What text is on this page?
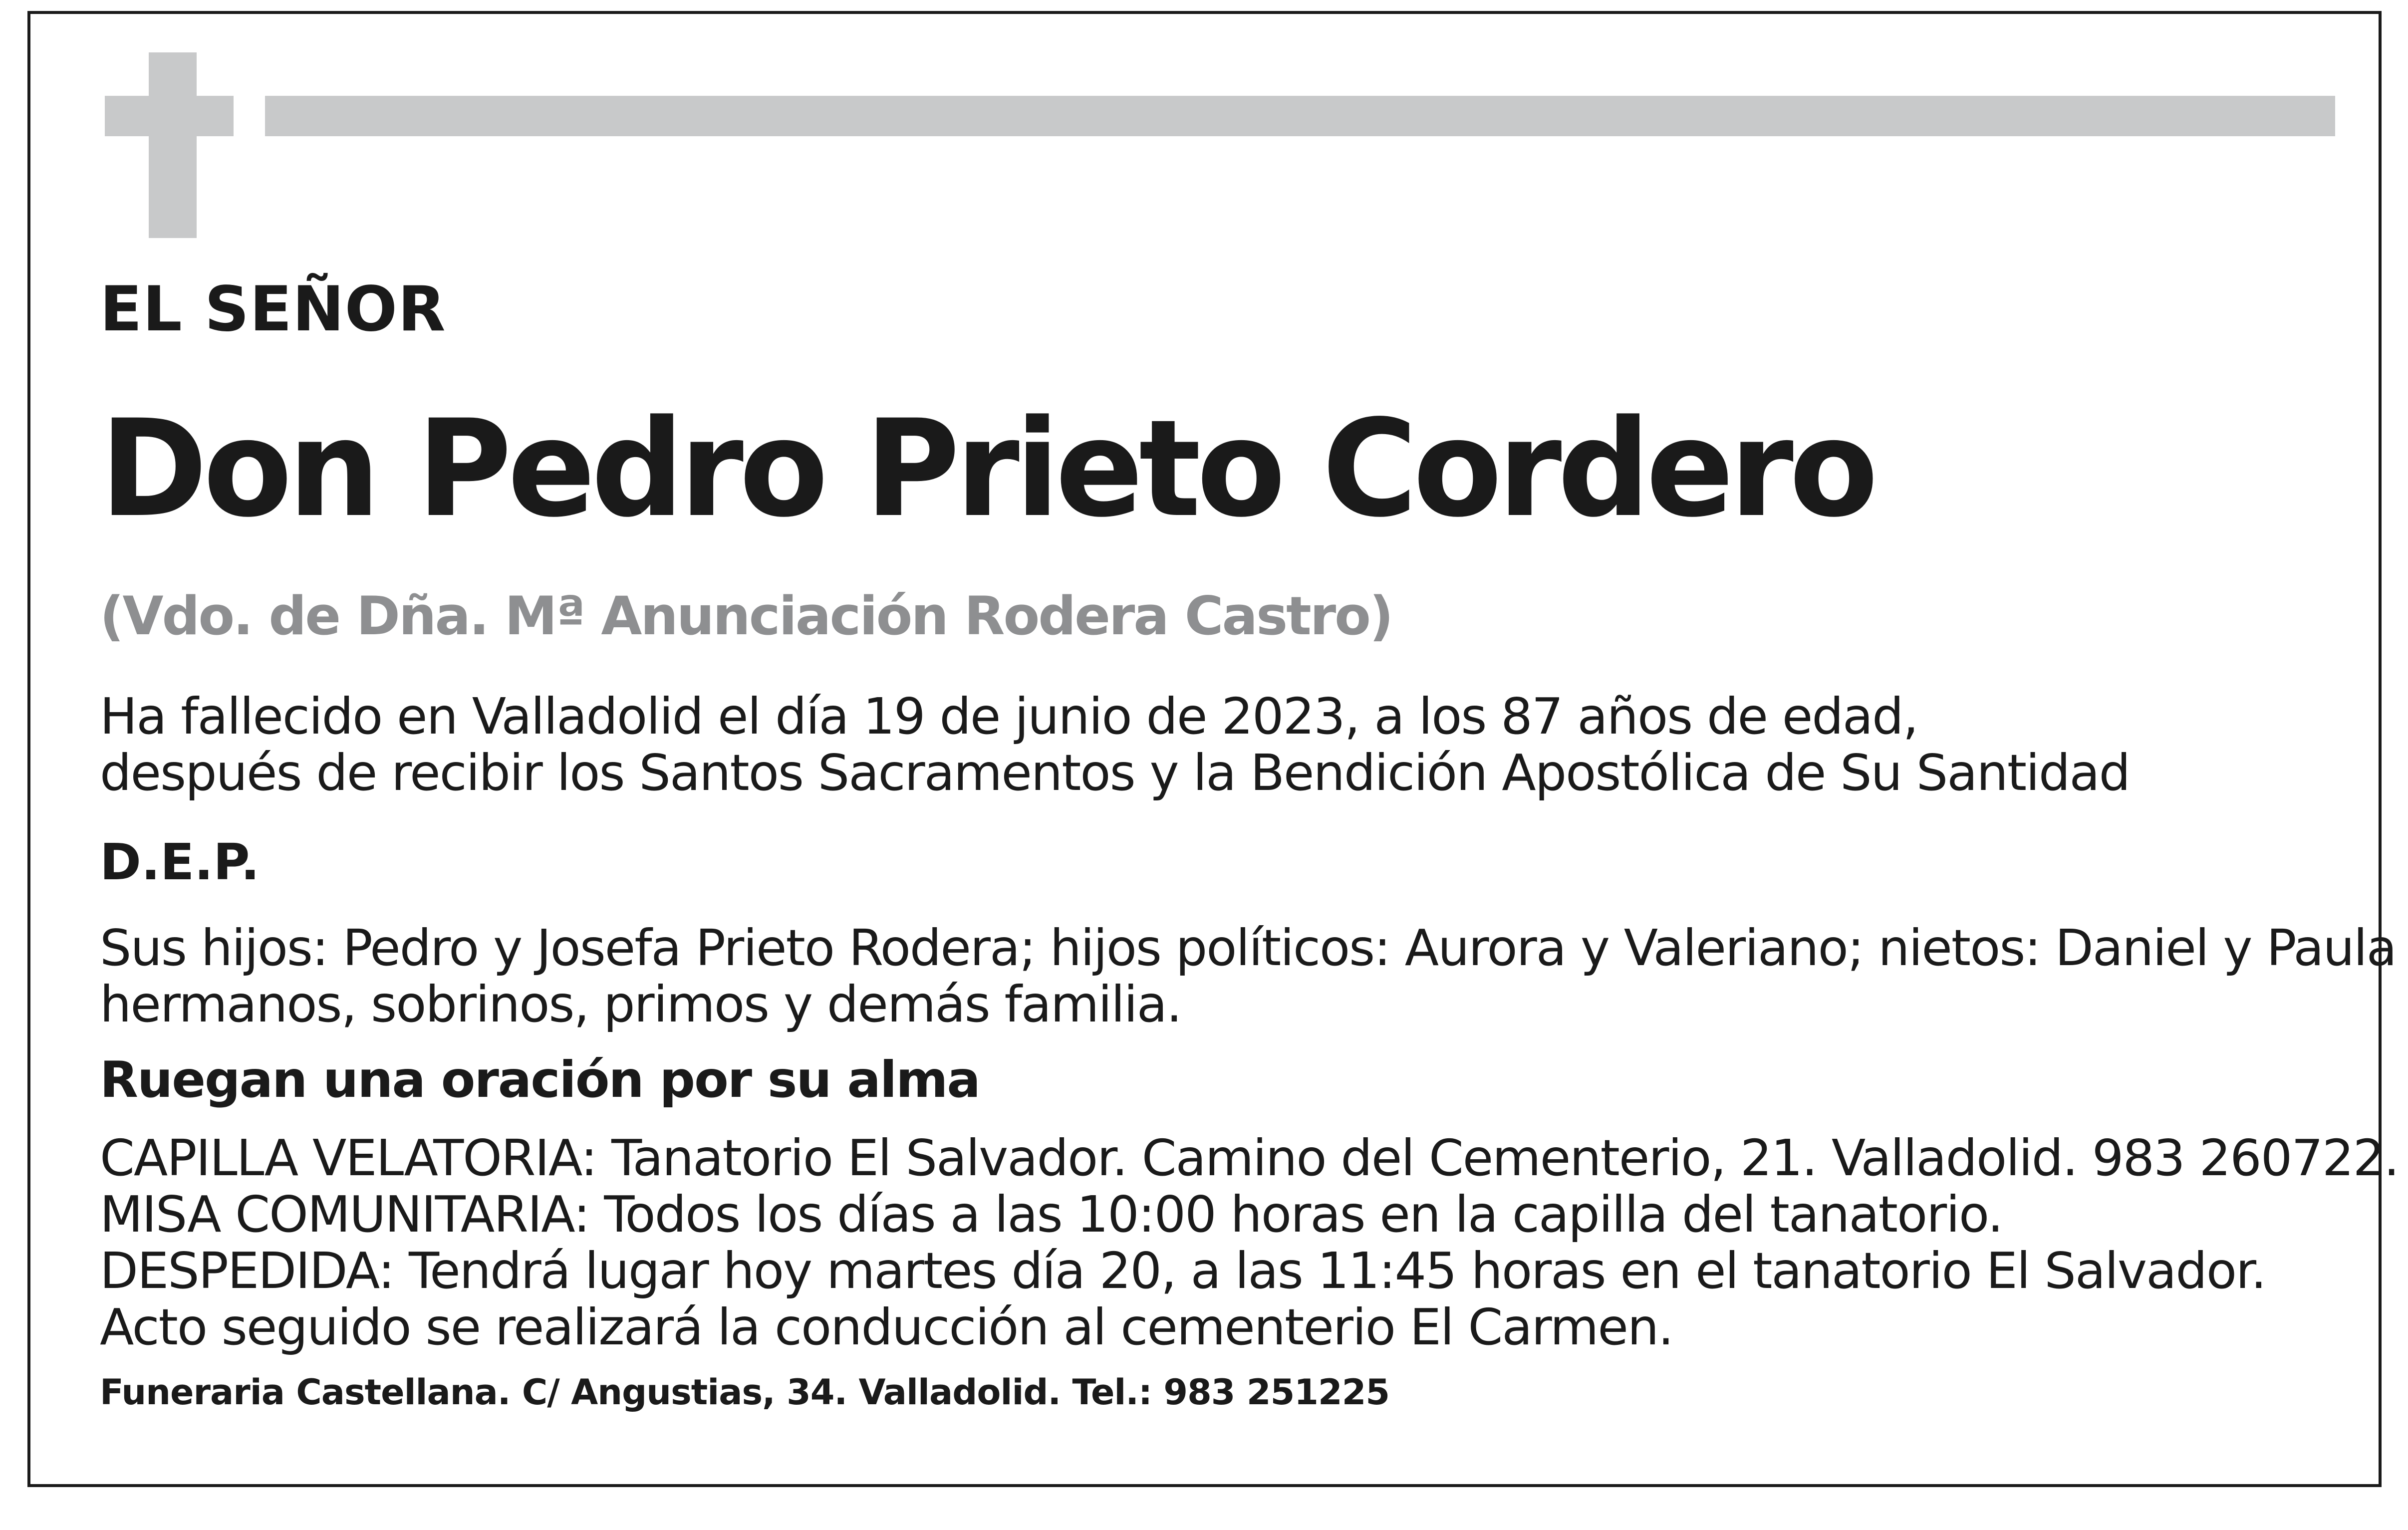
EL SEÑOR

Don Pedro Prieto Cordero

(Vdo. de Dña. Mª Anunciación Rodera Castro)

Ha fallecido en Valladolid el día 19 de junio de 2023, a los 87 años de edad,
después de recibir los Santos Sacramentos y la Bendición Apostólica de Su Santidad

D.E.P.

Sus hijos: Pedro y Josefa Prieto Rodera; hijos políticos: Aurora y Valeriano; nietos: Daniel y Paula
hermanos, sobrinos, primos y demás familia.

Ruegan una oración por su alma

CAPILLA VELATORIA: Tanatorio El Salvador. Camino del Cementerio, 21. Valladolid. 983 260722.
MISA COMUNITARIA: Todos los días a las 10:00 horas en la capilla del tanatorio.
DESPEDIDA: Tendrá lugar hoy martes día 20, a las 11:45 horas en el tanatorio El Salvador.
Acto seguido se realizará la conducción al cementerio El Carmen.

Funeraria Castellana. C/ Angustias, 34. Valladolid. Tel.: 983 251225
